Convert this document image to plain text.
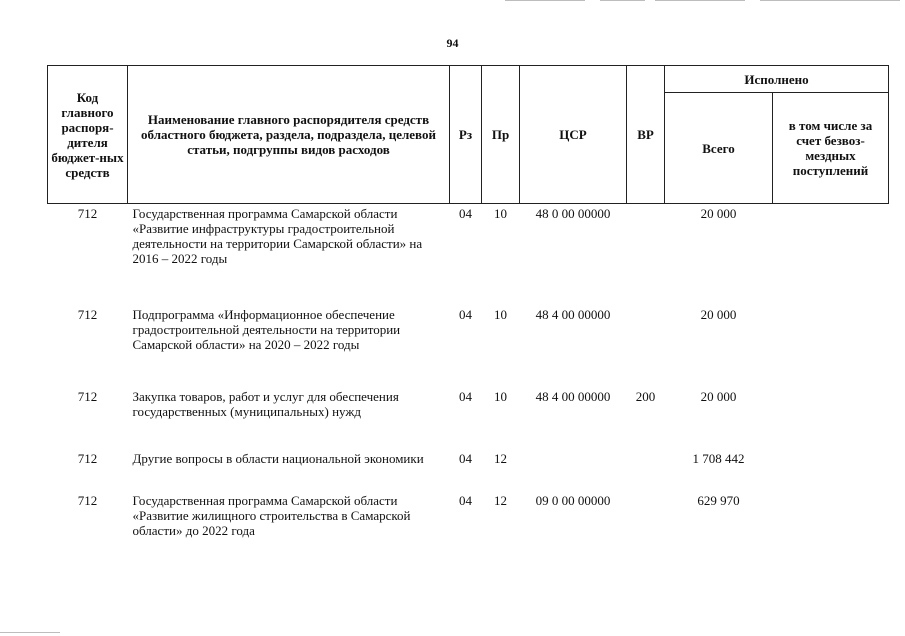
94
Код главного распоря-дителя бюджет-ных средств	Наименование главного распорядителя средств областного бюджета, раздела, подраздела, целевой статьи, подгруппы видов расходов	Рз	Пр	ЦСР	ВР	Исполнено	
						Всего	в том числе за счет безвоз-мездных поступлений
712	Государственная программа Самарской области «Развитие инфраструктуры градостроительной деятельности на территории Самарской области» на 2016 – 2022 годы	04	10	48 0 00 00000		20 000	
712	Подпрограмма «Информационное обеспечение градостроительной деятельности на территории Самарской области» на 2020 – 2022 годы	04	10	48 4 00 00000		20 000	
712	Закупка товаров, работ и услуг для обеспечения государственных (муниципальных) нужд	04	10	48 4 00 00000	200	20 000	
712	Другие вопросы в области национальной экономики	04	12			1 708 442	
712	Государственная программа Самарской области «Развитие жилищного строительства в Самарской области» до 2022 года	04	12	09 0 00 00000		629 970	
